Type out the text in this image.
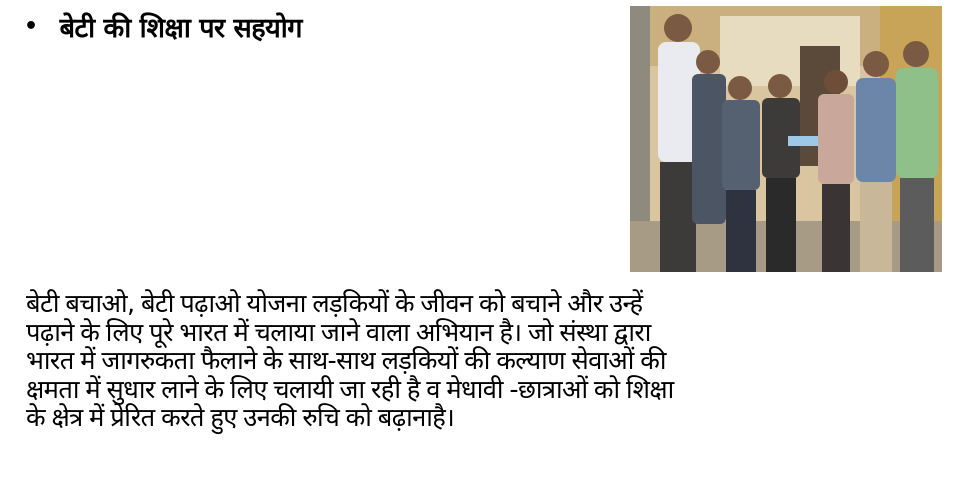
• बेटी की शिक्षा पर सहयोग
बेटी बचाओ, बेटी पढ़ाओ योजना लड़कियों के जीवन को बचाने और उन्हें
पढ़ाने के लिए पूरे भारत में चलाया जाने वाला अभियान है। जो संस्था द्वारा
भारत में जागरुकता फैलाने के साथ-साथ लड़कियों की कल्याण सेवाओं की
क्षमता में सुधार लाने के लिए चलायी जा रही है व मेधावी -छात्राओं को शिक्षा
के क्षेत्र में प्रेरित करते हुए उनकी रुचि को बढ़ानाहै।
